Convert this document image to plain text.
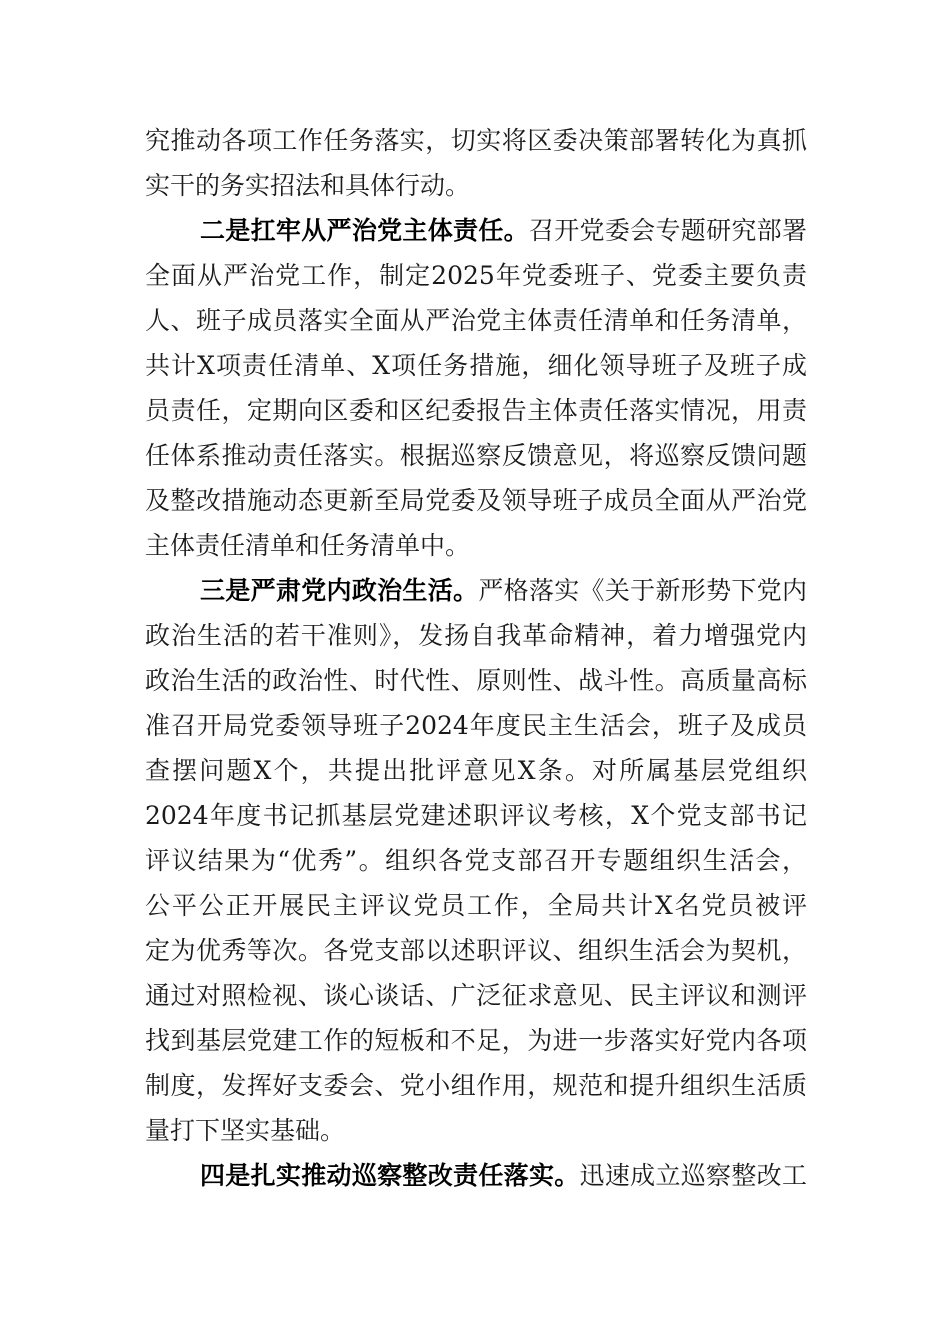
究推动各项工作任务落实，切实将区委决策部署转化为真抓
实干的务实招法和具体行动。
二是扛牢从严治党主体责任。召开党委会专题研究部署
全面从严治党工作，制定2025年党委班子、党委主要负责
人、班子成员落实全面从严治党主体责任清单和任务清单，
共计X项责任清单、X项任务措施，细化领导班子及班子成
员责任，定期向区委和区纪委报告主体责任落实情况，用责
任体系推动责任落实。根据巡察反馈意见，将巡察反馈问题
及整改措施动态更新至局党委及领导班子成员全面从严治党
主体责任清单和任务清单中。
三是严肃党内政治生活。严格落实《关于新形势下党内
政治生活的若干准则》，发扬自我革命精神，着力增强党内
政治生活的政治性、时代性、原则性、战斗性。高质量高标
准召开局党委领导班子2024年度民主生活会，班子及成员
查摆问题X个，共提出批评意见X条。对所属基层党组织
2024年度书记抓基层党建述职评议考核，X个党支部书记
评议结果为“优秀”。组织各党支部召开专题组织生活会，
公平公正开展民主评议党员工作，全局共计X名党员被评
定为优秀等次。各党支部以述职评议、组织生活会为契机，
通过对照检视、谈心谈话、广泛征求意见、民主评议和测评
找到基层党建工作的短板和不足，为进一步落实好党内各项
制度，发挥好支委会、党小组作用，规范和提升组织生活质
量打下坚实基础。
四是扎实推动巡察整改责任落实。迅速成立巡察整改工
